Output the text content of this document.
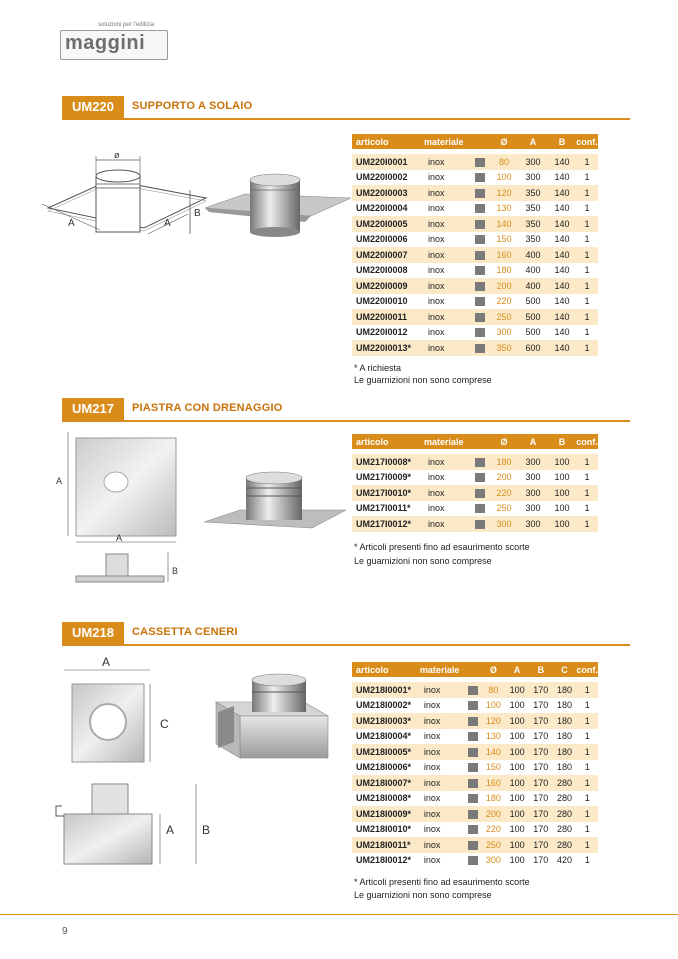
soluzioni per l'edilizia
maggini
UM220	SUPPORTO A SOLAIO
ø
A	A
B
articolo	materiale		Ø	A	B	conf.

UM220I0001	inox		80	300	140	1
UM220I0002	inox		100	300	140	1
UM220I0003	inox		120	350	140	1
UM220I0004	inox		130	350	140	1
UM220I0005	inox		140	350	140	1
UM220I0006	inox		150	350	140	1
UM220I0007	inox		160	400	140	1
UM220I0008	inox		180	400	140	1
UM220I0009	inox		200	400	140	1
UM220I0010	inox		220	500	140	1
UM220I0011	inox		250	500	140	1
UM220I0012	inox		300	500	140	1
UM220I0013*	inox		350	600	140	1
* A richiesta
Le guarnizioni non sono comprese
UM217	PIASTRA CON DRENAGGIO
A
A
B
articolo	materiale		Ø	A	B	conf.

UM217I0008*	inox		180	300	100	1
UM217I0009*	inox		200	300	100	1
UM217I0010*	inox		220	300	100	1
UM217I0011*	inox		250	300	100	1
UM217I0012*	inox		300	300	100	1
* Articoli presenti fino ad esaurimento scorte
Le guarnizioni non sono comprese
UM218	CASSETTA CENERI
A
C
A B
articolo	materiale		Ø	A	B	C	conf.

UM218I0001*	inox		80	100	170	180	1
UM218I0002*	inox		100	100	170	180	1
UM218I0003*	inox		120	100	170	180	1
UM218I0004*	inox		130	100	170	180	1
UM218I0005*	inox		140	100	170	180	1
UM218I0006*	inox		150	100	170	180	1
UM218I0007*	inox		160	100	170	280	1
UM218I0008*	inox		180	100	170	280	1
UM218I0009*	inox		200	100	170	280	1
UM218I0010*	inox		220	100	170	280	1
UM218I0011*	inox		250	100	170	280	1
UM218I0012*	inox		300	100	170	420	1
* Articoli presenti fino ad esaurimento scorte
Le guarnizioni non sono comprese
9
